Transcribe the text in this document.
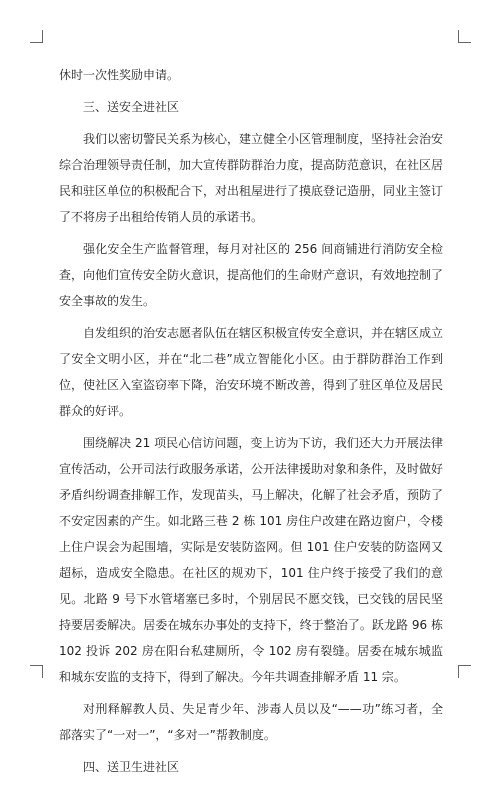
休时一次性奖励申请。

三、送安全进社区

我们以密切警民关系为核心，建立健全小区管理制度，坚持社会治安综合治理领导责任制，加大宣传群防群治力度，提高防范意识，在社区居民和驻区单位的积极配合下，对出租屋进行了摸底登记造册，同业主签订了不将房子出租给传销人员的承诺书。

强化安全生产监督管理，每月对社区的 256 间商铺进行消防安全检查，向他们宣传安全防火意识，提高他们的生命财产意识，有效地控制了安全事故的发生。

自发组织的治安志愿者队伍在辖区积极宣传安全意识，并在辖区成立了安全文明小区，并在“北二巷”成立智能化小区。由于群防群治工作到位，使社区入室盗窃率下降，治安环境不断改善，得到了驻区单位及居民群众的好评。

围绕解决 21 项民心信访问题，变上访为下访，我们还大力开展法律宣传活动，公开司法行政服务承诺，公开法律援助对象和条件，及时做好矛盾纠纷调查排解工作，发现苗头，马上解决，化解了社会矛盾，预防了不安定因素的产生。如北路三巷 2 栋 101 房住户改建在路边窗户，令楼上住户误会为起围墙，实际是安装防盗网。但 101 住户安装的防盗网又超标，造成安全隐患。在社区的规劝下，101 住户终于接受了我们的意见。北路 9 号下水管堵塞已多时，个别居民不愿交钱，已交钱的居民坚持要居委解决。居委在城东办事处的支持下，终于整治了。跃龙路 96 栋 102 投诉 202 房在阳台私建厕所，令 102 房有裂缝。居委在城东城监和城东安监的支持下，得到了解决。今年共调查排解矛盾 11 宗。

对刑释解教人员、失足青少年、涉毒人员以及“——功”练习者，全部落实了“一对一”，“多对一”帮教制度。

四、送卫生进社区
